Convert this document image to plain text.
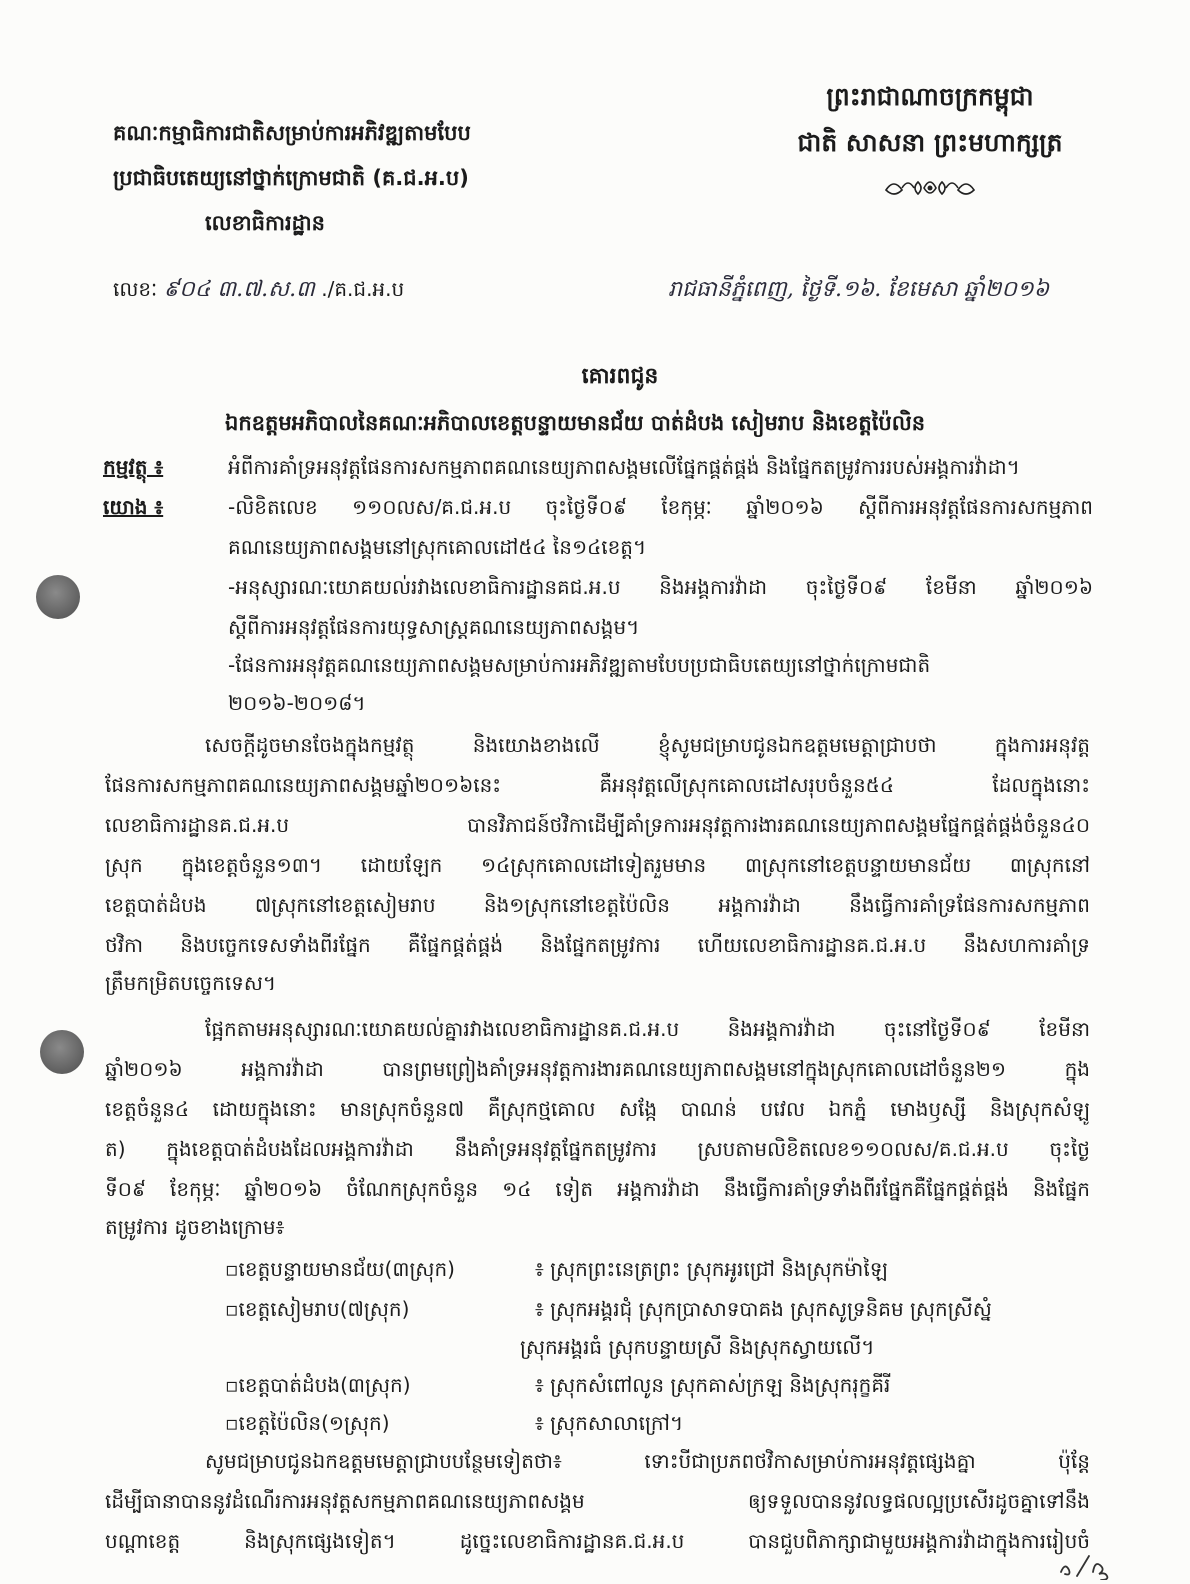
ព្រះរាជាណាចក្រកម្ពុជា
ជាតិ សាសនា ព្រះមហាក្សត្រ
គណៈកម្មាធិការជាតិសម្រាប់ការអភិវឌ្ឍតាមបែប
ប្រជាធិបតេយ្យនៅថ្នាក់ក្រោមជាតិ (គ.ជ.អ.ប)
លេខាធិការដ្ឋាន
លេខៈ ៩០៤ ៣.៧.ស.៣ ./គ.ជ.អ.ប	រាជធានីភ្នំពេញ, ថ្ងៃទី.១៦. ខែមេសា ឆ្នាំ២០១៦
គោរពជូន
ឯកឧត្តមអភិបាលនៃគណៈអភិបាលខេត្តបន្ទាយមានជ័យ បាត់ដំបង សៀមរាប និងខេត្តប៉ៃលិន
កម្មវត្ថុ ៖	អំពីការគាំទ្រអនុវត្តផែនការសកម្មភាពគណនេយ្យភាពសង្គមលើផ្នែកផ្គត់ផ្គង់ និងផ្នែកតម្រូវការរបស់អង្គការវ៉ាដា។
យោង ៖	-លិខិតលេខ ១១០លស/គ.ជ.អ.ប ចុះថ្ងៃទី០៩ ខែកុម្ភៈ ឆ្នាំ២០១៦ ស្តីពីការអនុវត្តផែនការសកម្មភាព
គណនេយ្យភាពសង្គមនៅស្រុកគោលដៅ៥៤ នៃ១៤ខេត្ត។
-អនុស្សារណៈយោគយល់រវាងលេខាធិការដ្ឋានគជ.អ.ប និងអង្គការវ៉ាដា ចុះថ្ងៃទី០៩ ខែមីនា ឆ្នាំ២០១៦
ស្តីពីការអនុវត្តផែនការយុទ្ធសាស្ត្រគណនេយ្យភាពសង្គម។
-ផែនការអនុវត្តគណនេយ្យភាពសង្គមសម្រាប់ការអភិវឌ្ឍតាមបែបប្រជាធិបតេយ្យនៅថ្នាក់ក្រោមជាតិ
២០១៦-២០១៨។
សេចក្តីដូចមានចែងក្នុងកម្មវត្ថុ និងយោងខាងលើ ខ្ញុំសូមជម្រាបជូនឯកឧត្តមមេត្តាជ្រាបថា ក្នុងការអនុវត្ត
ផែនការសកម្មភាពគណនេយ្យភាពសង្គមឆ្នាំ២០១៦នេះ គឺអនុវត្តលើស្រុកគោលដៅសរុបចំនួន៥៤ ដែលក្នុងនោះ
លេខាធិការដ្ឋានគ.ជ.អ.ប បានវិភាជន៍ថវិកាដើម្បីគាំទ្រការអនុវត្តការងារគណនេយ្យភាពសង្គមផ្នែកផ្គត់ផ្គង់ចំនួន៤០
ស្រុក ក្នុងខេត្តចំនួន១៣។ ដោយឡែក ១៤ស្រុកគោលដៅទៀតរួមមាន ៣ស្រុកនៅខេត្តបន្ទាយមានជ័យ ៣ស្រុកនៅ
ខេត្តបាត់ដំបង ៧ស្រុកនៅខេត្តសៀមរាប និង១ស្រុកនៅខេត្តប៉ៃលិន អង្គការវ៉ាដា នឹងធ្វើការគាំទ្រផែនការសកម្មភាព
ថវិកា និងបច្ចេកទេសទាំងពីរផ្នែក គឺផ្នែកផ្គត់ផ្គង់ និងផ្នែកតម្រូវការ ហើយលេខាធិការដ្ឋានគ.ជ.អ.ប នឹងសហការគាំទ្រ
ត្រឹមកម្រិតបច្ចេកទេស។
ផ្អែកតាមអនុស្សារណៈយោគយល់គ្នារវាងលេខាធិការដ្ឋានគ.ជ.អ.ប និងអង្គការវ៉ាដា ចុះនៅថ្ងៃទី០៩ ខែមីនា
ឆ្នាំ២០១៦ អង្គការវ៉ាដា បានព្រមព្រៀងគាំទ្រអនុវត្តការងារគណនេយ្យភាពសង្គមនៅក្នុងស្រុកគោលដៅចំនួន២១ ក្នុង
ខេត្តចំនួន៤ ដោយក្នុងនោះ មានស្រុកចំនួន៧ គឺស្រុកថ្មគោល សង្កែ បាណន់ បវេល ឯកភ្នំ មោងឫស្សី និងស្រុកសំឡូ
ត) ក្នុងខេត្តបាត់ដំបងដែលអង្គការវ៉ាដា នឹងគាំទ្រអនុវត្តផ្នែកតម្រូវការ ស្របតាមលិខិតលេខ១១០លស/គ.ជ.អ.ប ចុះថ្ងៃ
ទី០៩ ខែកុម្ភៈ ឆ្នាំ២០១៦ ចំណែកស្រុកចំនួន ១៤ ទៀត អង្គការវ៉ាដា នឹងធ្វើការគាំទ្រទាំងពីរផ្នែកគឺផ្នែកផ្គត់ផ្គង់ និងផ្នែក
តម្រូវការ ដូចខាងក្រោម៖
▫ខេត្តបន្ទាយមានជ័យ(៣ស្រុក)	៖ ស្រុកព្រះនេត្រព្រះ ស្រុកអូរជ្រៅ និងស្រុកម៉ាឡៃ
▫ខេត្តសៀមរាប(៧ស្រុក)	៖ ស្រុកអង្គរជុំ ស្រុកប្រាសាទបាគង ស្រុកសូទ្រនិគម ស្រុកស្រីស្នំ
ស្រុកអង្គរធំ ស្រុកបន្ទាយស្រី និងស្រុកស្វាយលើ។
▫ខេត្តបាត់ដំបង(៣ស្រុក)	៖ ស្រុកសំពៅលូន ស្រុកគាស់ក្រឡ និងស្រុករុក្ខគីរី
▫ខេត្តប៉ៃលិន(១ស្រុក)	៖ ស្រុកសាលាក្រៅ។
សូមជម្រាបជូនឯកឧត្តមមេត្តាជ្រាបបន្ថែមទៀតថា៖ ទោះបីជាប្រភពថវិកាសម្រាប់ការអនុវត្តផ្សេងគ្នា ប៉ុន្តែ
ដើម្បីធានាបាននូវដំណើរការអនុវត្តសកម្មភាពគណនេយ្យភាពសង្គម ឲ្យទទួលបាននូវលទ្ធផលល្អប្រសើរដូចគ្នាទៅនឹង
បណ្តាខេត្ត និងស្រុកផ្សេងទៀត។ ដូច្នេះលេខាធិការដ្ឋានគ.ជ.អ.ប បានជួបពិភាក្សាជាមួយអង្គការវ៉ាដាក្នុងការរៀបចំ
